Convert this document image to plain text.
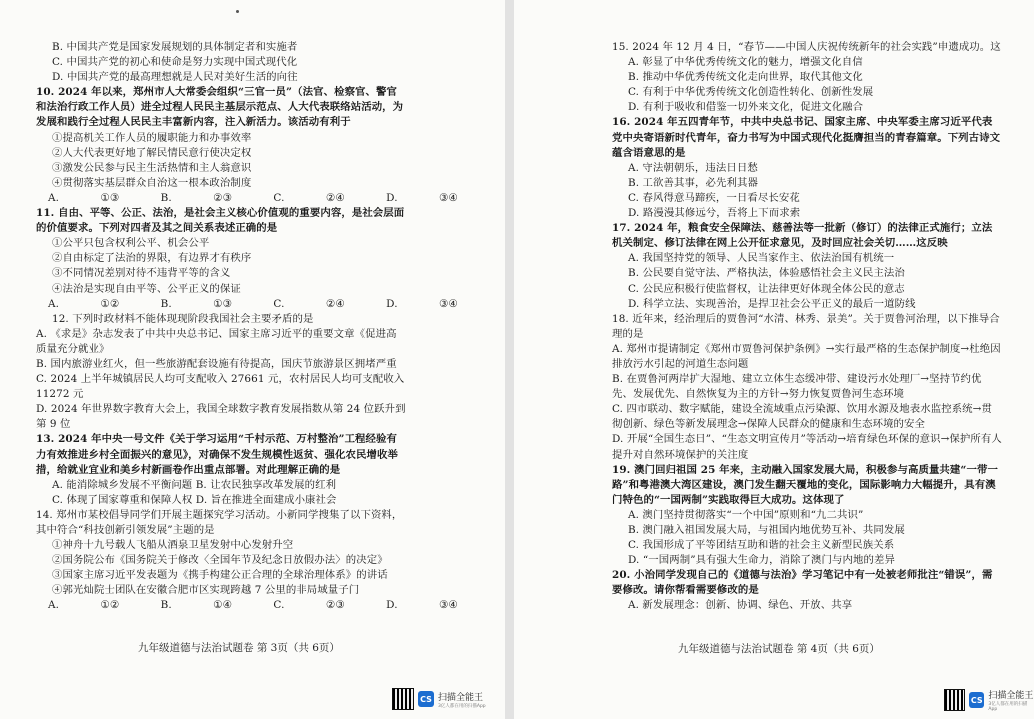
B. 中国共产党是国家发展规划的具体制定者和实施者
C. 中国共产党的初心和使命是努力实现中国式现代化
D. 中国共产党的最高理想就是人民对美好生活的向往
10. 2024 年以来，郑州市人大常委会组织“三官一员”（法官、检察官、警官和法治行政工作人员）进全过程人民民主基层示范点、人大代表联络站活动，为发展和践行全过程人民民主丰富新内容，注入新活力。该活动有利于
①提高机关工作人员的履职能力和办事效率
②人大代表更好地了解民情民意行使决定权
③激发公民参与民主生活热情和主人翁意识
④贯彻落实基层群众自治这一根本政治制度
A. ①③ B. ②③ C. ②④ D. ③④
11. 自由、平等、公正、法治，是社会主义核心价值观的重要内容，是社会层面的价值要求。下列对四者及其之间关系表述正确的是
①公平只包含权利公平、机会公平
②自由标定了法治的界限，有边界才有秩序
③不同情况差别对待不违背平等的含义
④法治是实现自由平等、公平正义的保证
A. ①② B. ①③ C. ②④ D. ③④
12. 下列时政材料不能体现现阶段我国社会主要矛盾的是
A. 《求是》杂志发表了中共中央总书记、国家主席习近平的重要文章《促进高质量充分就业》
B. 国内旅游业红火，但一些旅游配套设施有待提高，国庆节旅游景区拥堵严重
C. 2024 上半年城镇居民人均可支配收入 27661 元，农村居民人均可支配收入 11272 元
D. 2024 年世界数字教育大会上，我国全球数字教育发展指数从第 24 位跃升到第 9 位
13. 2024 年中央一号文件《关于学习运用“千村示范、万村整治”工程经验有力有效推进乡村全面振兴的意见》，对确保不发生规模性返贫、强化农民增收举措，给就业宜业和美乡村新画卷作出重点部署。对此理解正确的是
A. 能消除城乡发展不平衡问题 B. 让农民独享改革发展的红利
C. 体现了国家尊重和保障人权 D. 旨在推进全面建成小康社会
14. 郑州市某校倡导同学们开展主题探究学习活动。小新同学搜集了以下资料，其中符合“科技创新引领发展”主题的是
①神舟十九号载人飞船从酒泉卫星发射中心发射升空
②国务院公布《国务院关于修改〈全国年节及纪念日放假办法〉的决定》
③国家主席习近平发表题为《携手构建公正合理的全球治理体系》的讲话
④郭光灿院士团队在安徽合肥市区实现跨越 7 公里的非局域量子门
A. ①② B. ①④ C. ②③ D. ③④
九年级道德与法治试题卷 第 3页（共 6页）
15. 2024 年 12 月 4 日，“春节——中国人庆祝传统新年的社会实践”申遗成功。这
A. 彰显了中华优秀传统文化的魅力，增强文化自信
B. 推动中华优秀传统文化走向世界，取代其他文化
C. 有利于中华优秀传统文化创造性转化、创新性发展
D. 有利于吸收和借鉴一切外来文化，促进文化融合
16. 2024 年五四青年节，中共中央总书记、国家主席、中央军委主席习近平代表党中央寄语新时代青年，奋力书写为中国式现代化挺膺担当的青春篇章。下列古诗文蕴含语意思的是
A. 守法朝朝乐，违法日日愁
B. 工欲善其事，必先利其器
C. 春风得意马蹄疾，一日看尽长安花
D. 路漫漫其修远兮，吾将上下而求索
17. 2024 年，粮食安全保障法、慈善法等一批新（修订）的法律正式施行；立法机关制定、修订法律在网上公开征求意见，及时回应社会关切……这反映
A. 我国坚持党的领导、人民当家作主、依法治国有机统一
B. 公民要自觉守法、严格执法，体验感悟社会主义民主法治
C. 公民应积极行使监督权，让法律更好体现全体公民的意志
D. 科学立法、实现善治，是捍卫社会公平正义的最后一道防线
18. 近年来，经治理后的贾鲁河“水清、林秀、景美”。关于贾鲁河治理，以下推导合理的是
A. 郑州市提请制定《郑州市贾鲁河保护条例》→实行最严格的生态保护制度→杜绝因排放污水引起的河道生态问题
B. 在贾鲁河两岸扩大湿地、建立立体生态缓冲带、建设污水处理厂→坚持节约优先、发展优先、自然恢复为主的方针→努力恢复贾鲁河生态环境
C. 四市联动、数字赋能，建设全流域重点污染源、饮用水源及地表水监控系统→贯彻创新、绿色等新发展理念→保障人民群众的健康和生态环境的安全
D. 开展“全国生态日”、“生态文明宣传月”等活动→培育绿色环保的意识→保护所有人提升对自然环境保护的关注度
19. 澳门回归祖国 25 年来，主动融入国家发展大局，积极参与高质量共建“一带一路”和粤港澳大湾区建设，澳门发生翻天覆地的变化，国际影响力大幅提升，具有澳门特色的“一国两制”实践取得巨大成功。这体现了
A. 澳门坚持贯彻落实“一个中国”原则和“九二共识”
B. 澳门融入祖国发展大局，与祖国内地优势互补、共同发展
C. 我国形成了平等团结互助和谐的社会主义新型民族关系
D. “一国两制”具有强大生命力，消除了澳门与内地的差异
20. 小治同学发现自己的《道德与法治》学习笔记中有一处被老师批注“错误”，需要修改。请你帮看需要修改的是
A. 新发展理念：创新、协调、绿色、开放、共享
九年级道德与法治试题卷 第 4页（共 6页）
CS 扫描全能王
3亿人都在用的扫描App
CS 扫描全能王
3亿人都在用的扫描App
